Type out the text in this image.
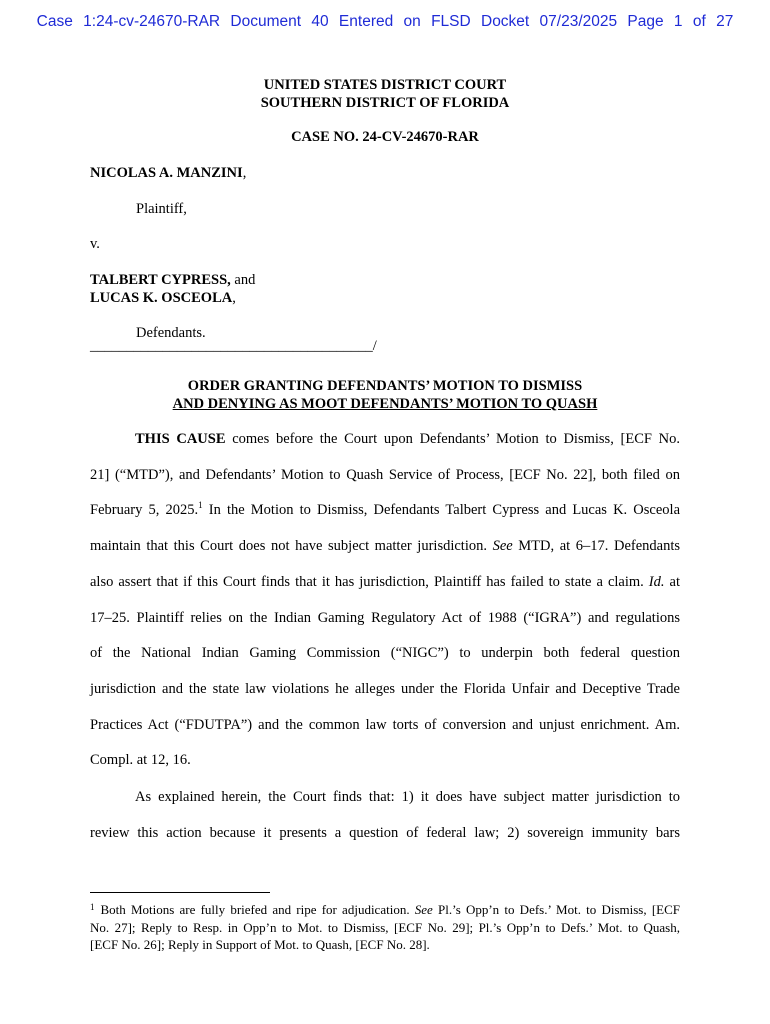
Case 1:24-cv-24670-RAR Document 40 Entered on FLSD Docket 07/23/2025 Page 1 of 27
UNITED STATES DISTRICT COURT
SOUTHERN DISTRICT OF FLORIDA
CASE NO. 24-CV-24670-RAR
NICOLAS A. MANZINI,
Plaintiff,
v.
TALBERT CYPRESS, and
LUCAS K. OSCEOLA,
Defendants.
_______________________________________/
ORDER GRANTING DEFENDANTS’ MOTION TO DISMISS
AND DENYING AS MOOT DEFENDANTS’ MOTION TO QUASH
THIS CAUSE comes before the Court upon Defendants’ Motion to Dismiss, [ECF No.
21] (“MTD”), and Defendants’ Motion to Quash Service of Process, [ECF No. 22], both filed on
February 5, 2025.$^1$ In the Motion to Dismiss, Defendants Talbert Cypress and Lucas K. Osceola
maintain that this Court does not have subject matter jurisdiction. See MTD, at 6–17. Defendants
also assert that if this Court finds that it has jurisdiction, Plaintiff has failed to state a claim. Id. at
17–25. Plaintiff relies on the Indian Gaming Regulatory Act of 1988 (“IGRA”) and regulations
of the National Indian Gaming Commission (“NIGC”) to underpin both federal question
jurisdiction and the state law violations he alleges under the Florida Unfair and Deceptive Trade
Practices Act (“FDUTPA”) and the common law torts of conversion and unjust enrichment. Am.
Compl. at 12, 16.
As explained herein, the Court finds that: 1) it does have subject matter jurisdiction to
review this action because it presents a question of federal law; 2) sovereign immunity bars
$^1$ Both Motions are fully briefed and ripe for adjudication. See Pl.’s Opp’n to Defs.’ Mot. to Dismiss, [ECF
No. 27]; Reply to Resp. in Opp’n to Mot. to Dismiss, [ECF No. 29]; Pl.’s Opp’n to Defs.’ Mot. to Quash,
[ECF No. 26]; Reply in Support of Mot. to Quash, [ECF No. 28].
